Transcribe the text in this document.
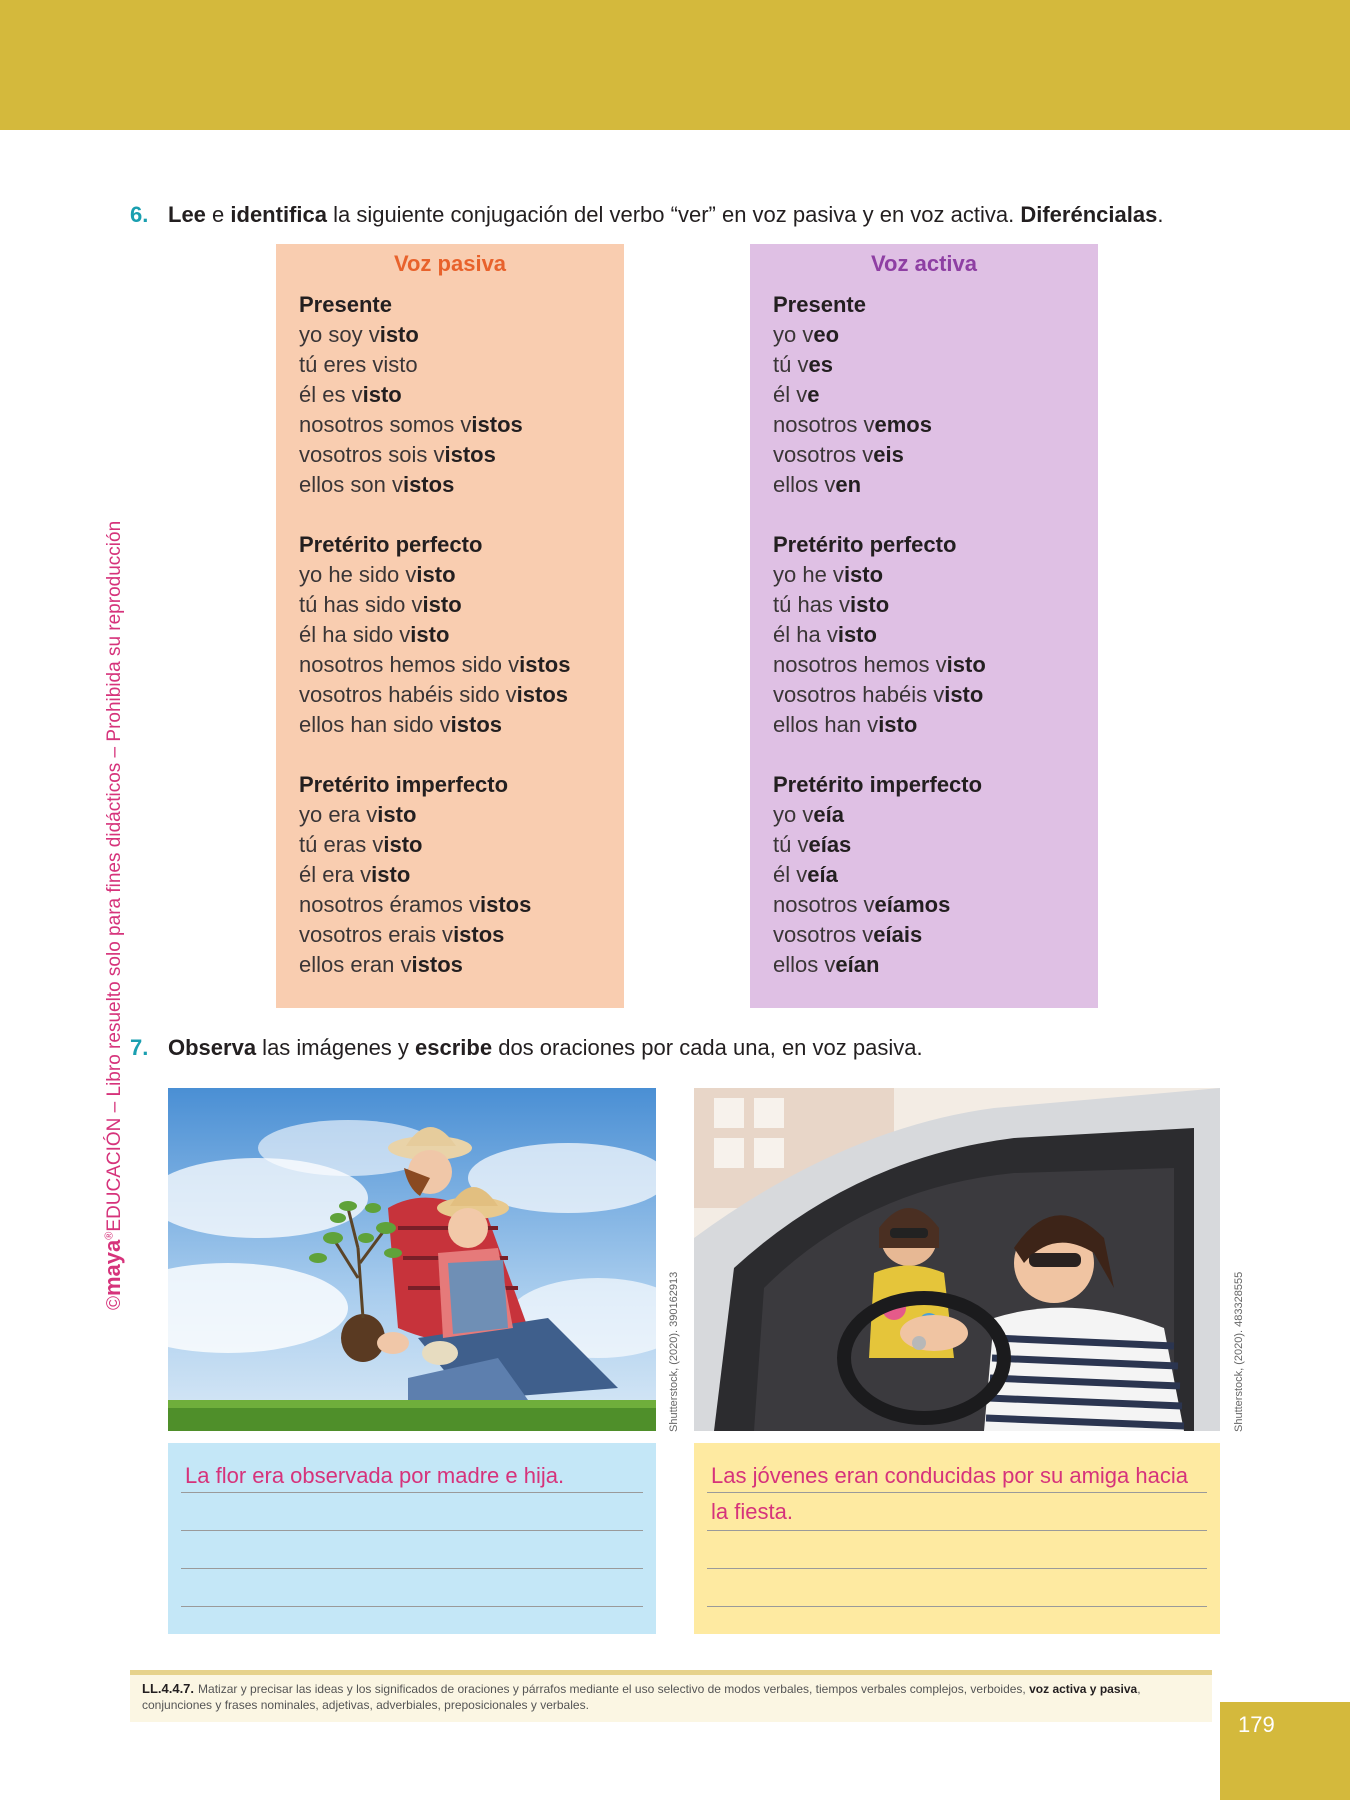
©maya®EDUCACIÓN – Libro resuelto solo para fines didácticos – Prohibida su reproducción
6. Lee e identifica la siguiente conjugación del verbo “ver” en voz pasiva y en voz activa. Diferéncialas.
Voz pasiva
Presente
yo soy visto
tú eres visto
él es visto
nosotros somos vistos
vosotros sois vistos
ellos son vistos
Pretérito perfecto
yo he sido visto
tú has sido visto
él ha sido visto
nosotros hemos sido vistos
vosotros habéis sido vistos
ellos han sido vistos
Pretérito imperfecto
yo era visto
tú eras visto
él era visto
nosotros éramos vistos
vosotros erais vistos
ellos eran vistos
Voz activa
Presente
yo veo
tú ves
él ve
nosotros vemos
vosotros veis
ellos ven
Pretérito perfecto
yo he visto
tú has visto
él ha visto
nosotros hemos visto
vosotros habéis visto
ellos han visto
Pretérito imperfecto
yo veía
tú veías
él veía
nosotros veíamos
vosotros veíais
ellos veían
7. Observa las imágenes y escribe dos oraciones por cada una, en voz pasiva.
Shutterstock, (2020). 390162913	Shutterstock, (2020). 483328555
La flor era observada por madre e hija.	Las jóvenes eran conducidas por su amiga hacia la fiesta.
LL.4.4.7. Matizar y precisar las ideas y los significados de oraciones y párrafos mediante el uso selectivo de modos verbales, tiempos verbales complejos, verboides, voz activa y pasiva, conjunciones y frases nominales, adjetivas, adverbiales, preposicionales y verbales.
179
